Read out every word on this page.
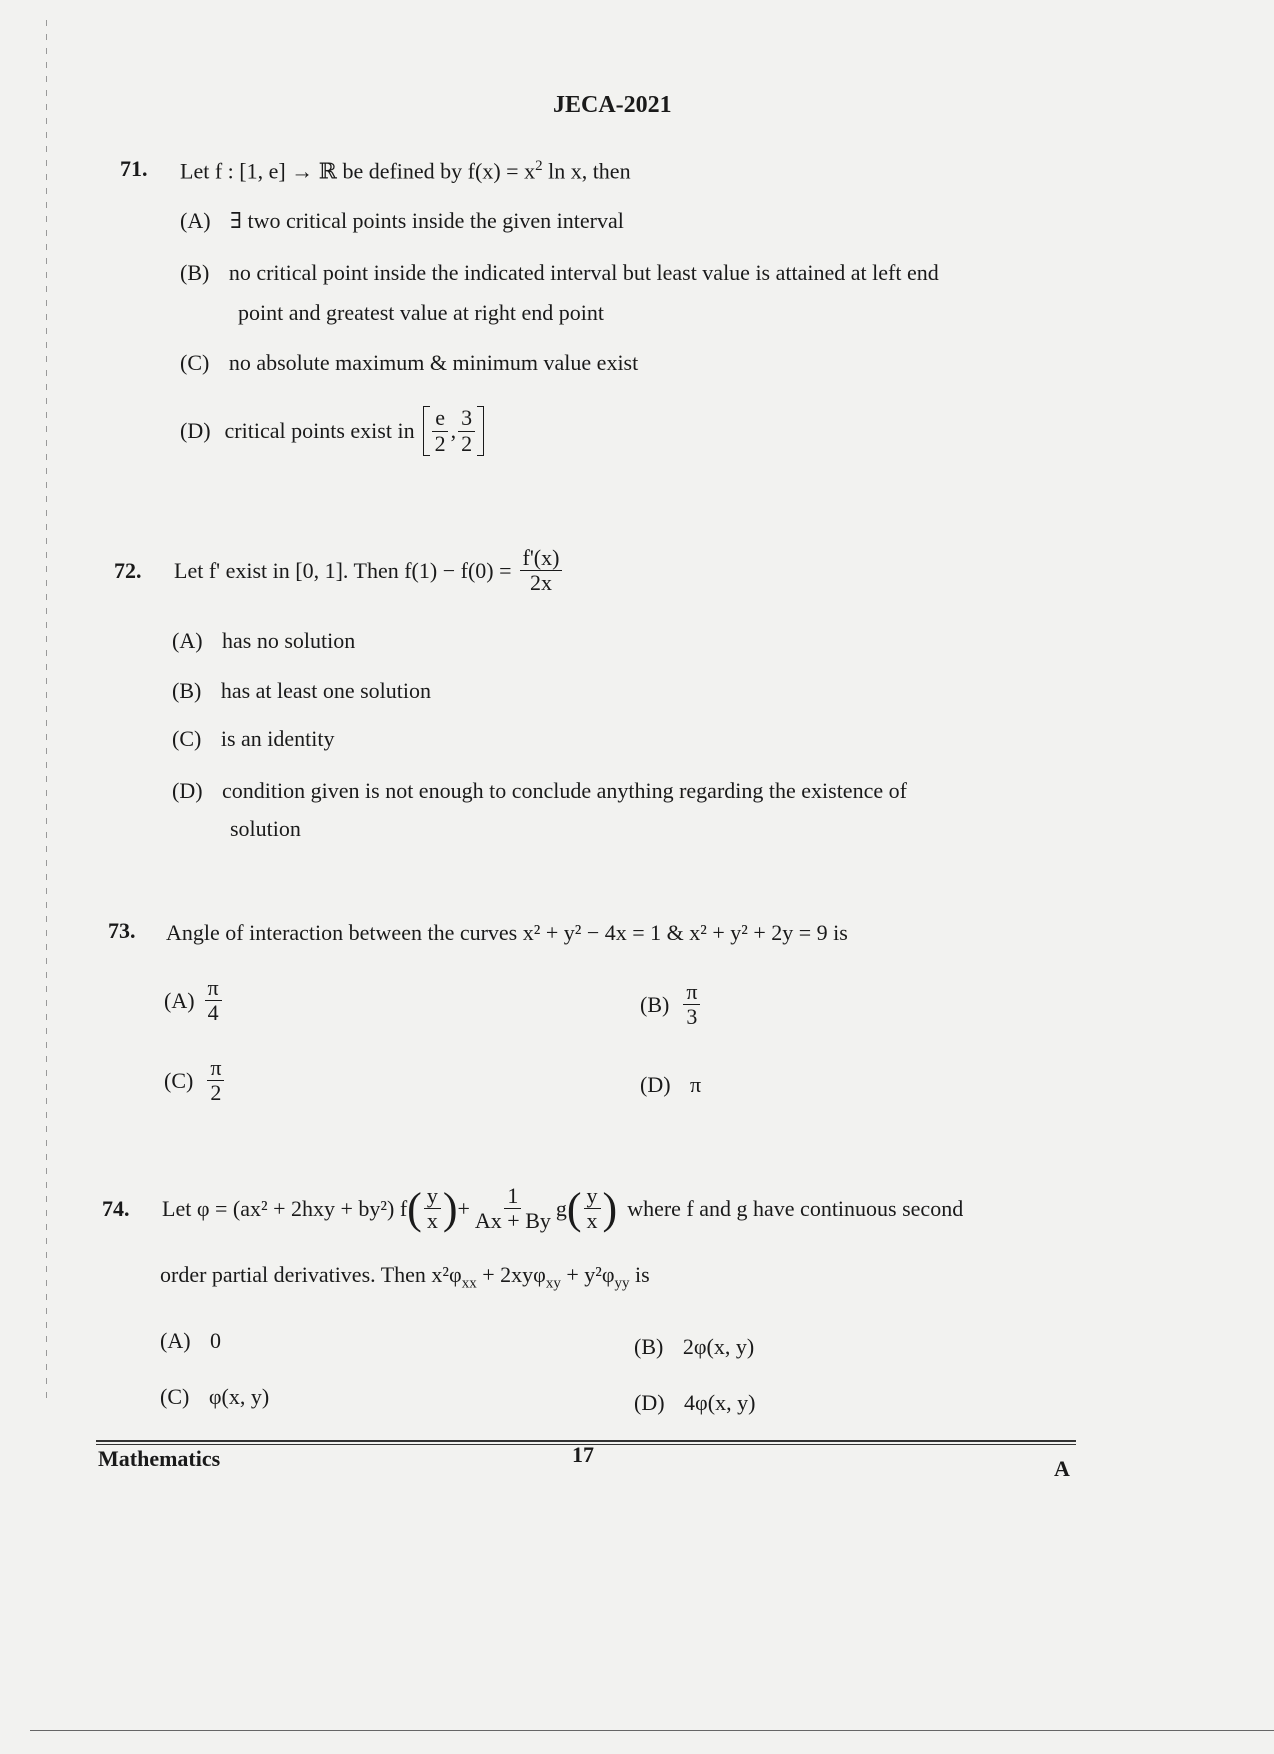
JECA-2021
71. Let f : [1, e] → ℝ be defined by $f(x) = x^2$ ln x, then
(A) ∃ two critical points inside the given interval
(B) no critical point inside the indicated interval but least value is attained at left end
point and greatest value at right end point
(C) no absolute maximum & minimum value exist
(D) critical points exist in $\frac{e}{2}$ , $\frac{3}{2}$
72. Let f' exist in [0, 1]. Then $f(1) - f(0) = \frac{f'(x)}{2x}$
(A) has no solution
(B) has at least one solution
(C) is an identity
(D) condition given is not enough to conclude anything regarding the existence of
solution
73. Angle of interaction between the curves x² + y² − 4x = 1 & x² + y² + 2y = 9 is
$(A) \frac{\pi}{4}$	$(B) \frac{\pi}{3}$
$(C) \frac{\pi}{2}$	(D) π
74. Let φ = (ax² + 2hxy + by²) f ( $\frac{y}{x}$ ) + $\frac{1}{Ax + By}$ g ( $\frac{y}{x}$ ) where f and g have continuous second
order partial derivatives. Then $x^2\varphi_{xx} + 2xy\varphi_{xy} + y^2\varphi_{yy}$ is
(A) 0	(B) 2φ(x, y)
(C) φ(x, y)	(D) 4φ(x, y)
Mathematics	17
A
